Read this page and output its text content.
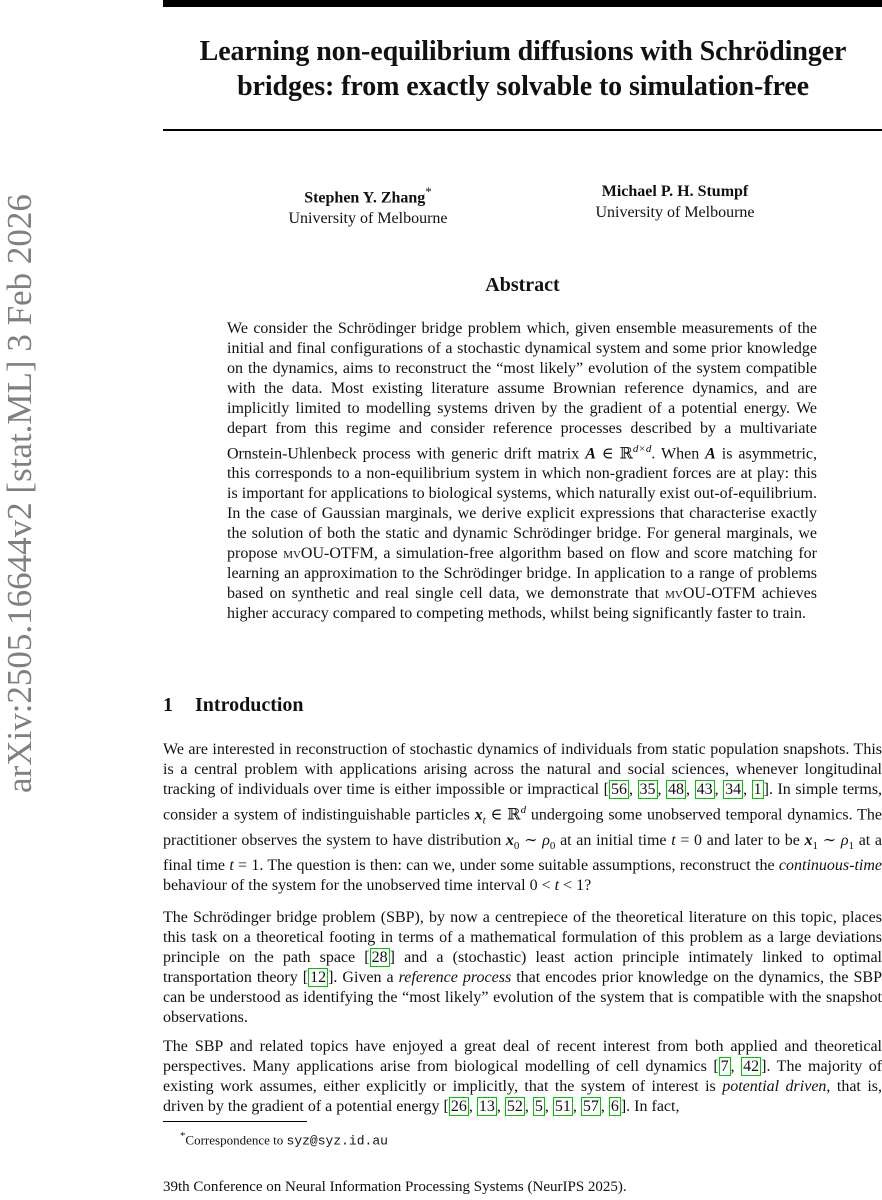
Learning non-equilibrium diffusions with Schrödinger bridges: from exactly solvable to simulation-free
arXiv:2505.16644v2 [stat.ML] 3 Feb 2026	Stephen Y. Zhang*
University of Melbourne
Michael P. H. Stumpf
University of Melbourne
Abstract

We consider the Schrödinger bridge problem which, given ensemble measurements of the initial and final configurations of a stochastic dynamical system and some prior knowledge on the dynamics, aims to reconstruct the “most likely” evolution of the system compatible with the data. Most existing literature assume Brownian reference dynamics, and are implicitly limited to modelling systems driven by the gradient of a potential energy. We depart from this regime and consider reference processes described by a multivariate Ornstein-Uhlenbeck process with generic drift matrix A ∈ ℝ$^{d\times d}$. When A is asymmetric, this corresponds to a non-equilibrium system in which non-gradient forces are at play: this is important for applications to biological systems, which naturally exist out-of-equilibrium. In the case of Gaussian marginals, we derive explicit expressions that characterise exactly the solution of both the static and dynamic Schrödinger bridge. For general marginals, we propose mvOU-OTFM, a simulation-free algorithm based on flow and score matching for learning an approximation to the Schrödinger bridge. In application to a range of problems based on synthetic and real single cell data, we demonstrate that mvOU-OTFM achieves higher accuracy compared to competing methods, whilst being significantly faster to train.

1 Introduction

We are interested in reconstruction of stochastic dynamics of individuals from static population snapshots. This is a central problem with applications arising across the natural and social sciences, whenever longitudinal tracking of individuals over time is either impossible or impractical [ 56 , 35 , 48 , 43 , 34 , 1 ]. In simple terms, consider a system of indistinguishable particles $x_t$ ∈ ℝ$^d$ undergoing some unobserved temporal dynamics. The practitioner observes the system to have distribution $x_0$ ∼ $\rho_0$ at an initial time t = 0 and later to be $x_1$ ∼ $\rho_1$ at a final time t = 1. The question is then: can we, under some suitable assumptions, reconstruct the continuous-time behaviour of the system for the unobserved time interval 0 < t < 1?

The Schrödinger bridge problem (SBP), by now a centrepiece of the theoretical literature on this topic, places this task on a theoretical footing in terms of a mathematical formulation of this problem as a large deviations principle on the path space [ 28 ] and a (stochastic) least action principle intimately linked to optimal transportation theory [ 12 ]. Given a reference process that encodes prior knowledge on the dynamics, the SBP can be understood as identifying the “most likely” evolution of the system that is compatible with the snapshot observations.

The SBP and related topics have enjoyed a great deal of recent interest from both applied and theoretical perspectives. Many applications arise from biological modelling of cell dynamics [ 7 , 42 ]. The majority of existing work assumes, either explicitly or implicitly, that the system of interest is potential driven, that is, driven by the gradient of a potential energy [ 26 , 13 , 52 , 5 , 51 , 57 , 6 ]. In fact,

*Correspondence to syz@syz.id.au

39th Conference on Neural Information Processing Systems (NeurIPS 2025).
